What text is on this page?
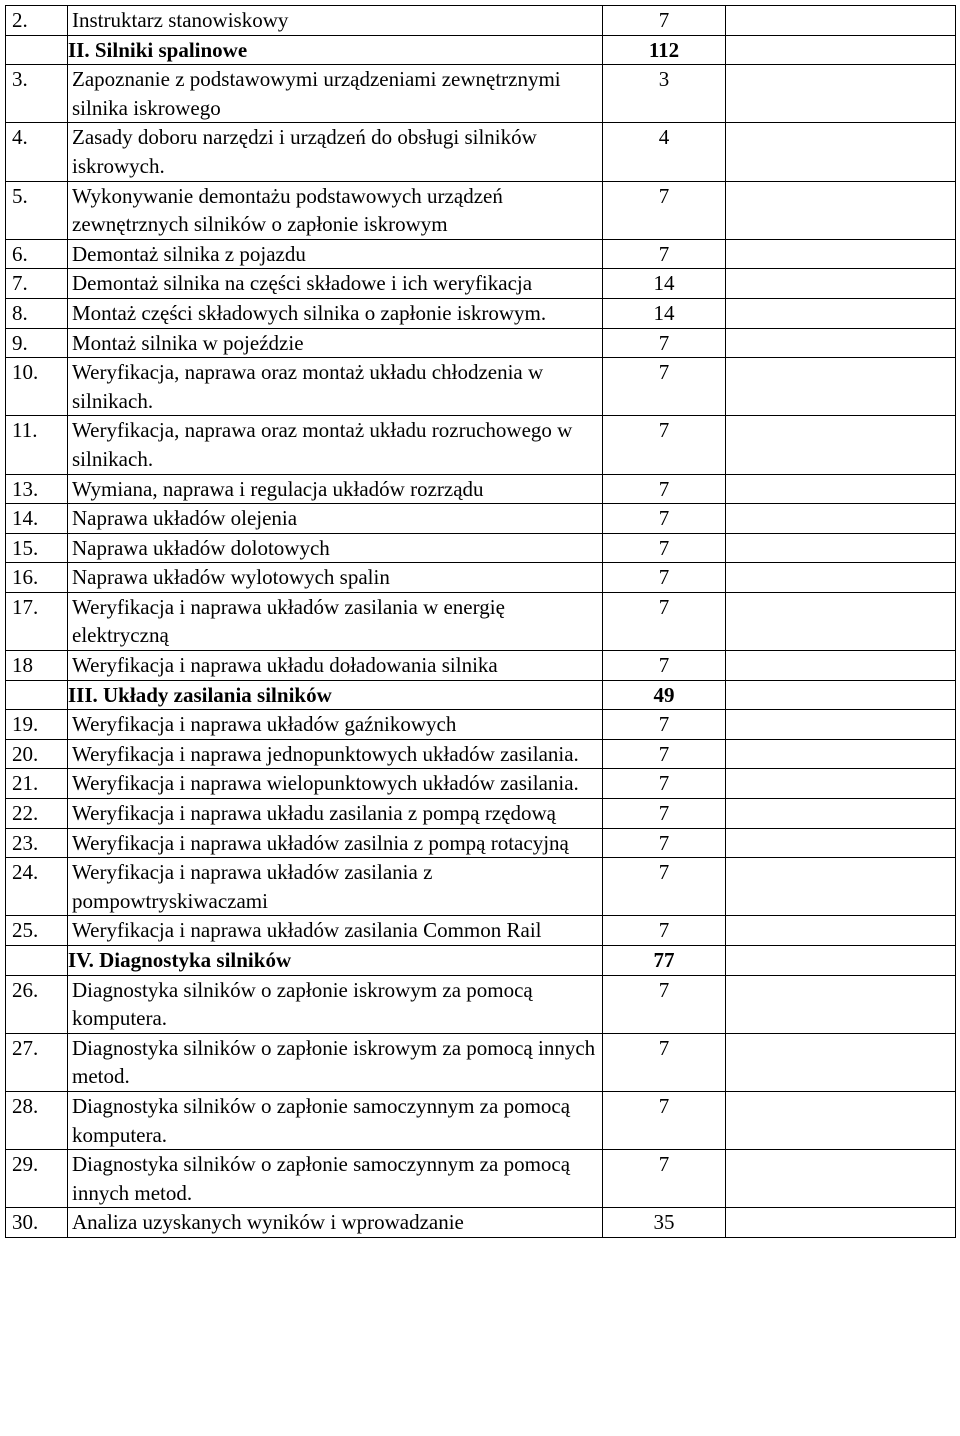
2.	Instruktarz stanowiskowy	7	
	II. Silniki spalinowe	112	
3.	Zapoznanie z podstawowymi urządzeniami zewnętrznymi silnika iskrowego	3	
4.	Zasady doboru narzędzi i urządzeń do obsługi silników iskrowych.	4	
5.	Wykonywanie demontażu podstawowych urządzeń zewnętrznych silników o zapłonie iskrowym	7	
6.	Demontaż silnika z pojazdu	7	
7.	Demontaż silnika na części składowe i ich weryfikacja	14	
8.	Montaż części składowych silnika o zapłonie iskrowym.	14	
9.	Montaż silnika w pojeździe	7	
10.	Weryfikacja, naprawa oraz montaż układu chłodzenia w silnikach.	7	
11.	Weryfikacja, naprawa oraz montaż układu rozruchowego w silnikach.	7	
13.	Wymiana, naprawa i regulacja układów rozrządu	7	
14.	Naprawa układów olejenia	7	
15.	Naprawa układów dolotowych	7	
16.	Naprawa układów wylotowych spalin	7	
17.	Weryfikacja i naprawa układów zasilania w energię elektryczną	7	
18	Weryfikacja i naprawa układu doładowania silnika	7	
	III. Układy zasilania silników	49	
19.	Weryfikacja i naprawa układów gaźnikowych	7	
20.	Weryfikacja i naprawa jednopunktowych układów zasilania.	7	
21.	Weryfikacja i naprawa wielopunktowych układów zasilania.	7	
22.	Weryfikacja i naprawa układu zasilania z pompą rzędową	7	
23.	Weryfikacja i naprawa układów zasilnia z pompą rotacyjną	7	
24.	Weryfikacja i naprawa układów zasilania z pompowtryskiwaczami	7	
25.	Weryfikacja i naprawa układów zasilania Common Rail	7	
	IV. Diagnostyka silników	77	
26.	Diagnostyka silników o zapłonie iskrowym za pomocą komputera.	7	
27.	Diagnostyka silników o zapłonie iskrowym za pomocą innych metod.	7	
28.	Diagnostyka silników o zapłonie samoczynnym za pomocą komputera.	7	
29.	Diagnostyka silników o zapłonie samoczynnym za pomocą innych metod.	7	
30.	Analiza uzyskanych wyników i wprowadzanie	35	
